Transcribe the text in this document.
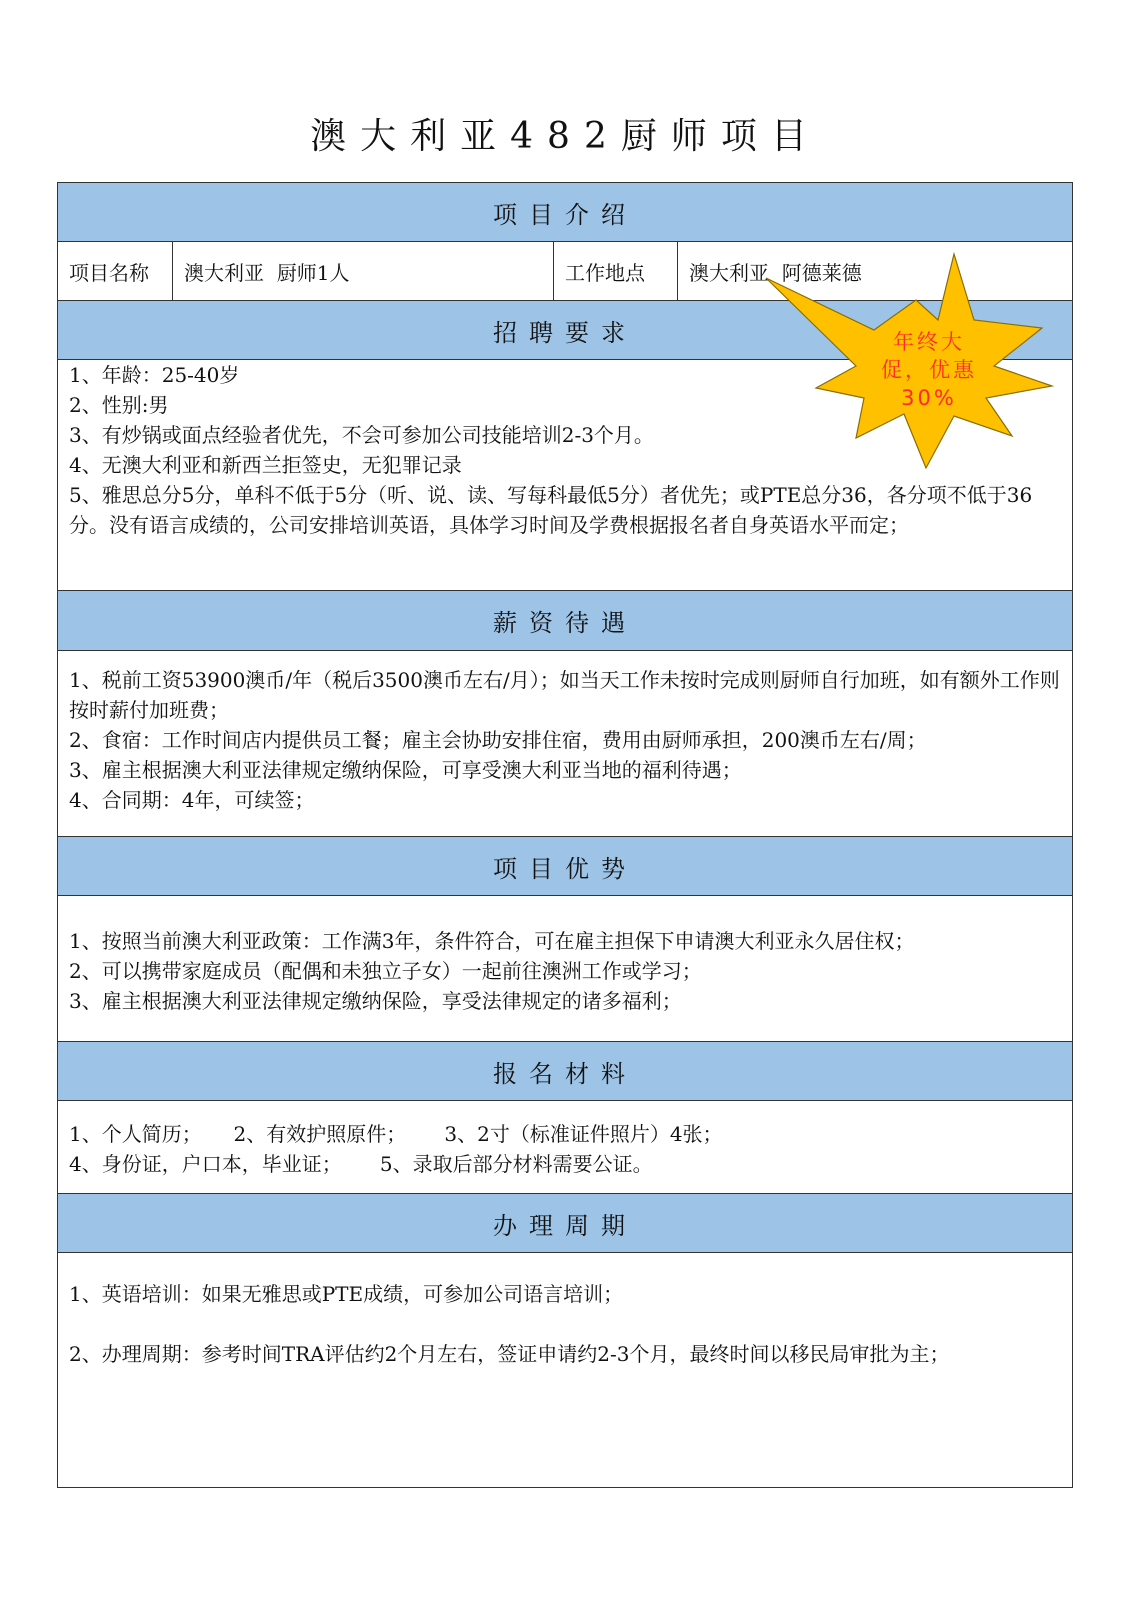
澳大利亚482厨师项目
项目介绍
项目名称	澳大利亚  厨师1人	工作地点	澳大利亚  阿德莱德
招聘要求
1、年龄：25-40岁
2、性别:男
3、有炒锅或面点经验者优先，不会可参加公司技能培训2-3个月。
4、无澳大利亚和新西兰拒签史，无犯罪记录
5、雅思总分5分，单科不低于5分（听、说、读、写每科最低5分）者优先；或PTE总分36，各分项不低于36分。没有语言成绩的，公司安排培训英语，具体学习时间及学费根据报名者自身英语水平而定；
薪资待遇
1、税前工资53900澳币/年（税后3500澳币左右/月）；如当天工作未按时完成则厨师自行加班，如有额外工作则按时薪付加班费；
2、食宿：工作时间店内提供员工餐；雇主会协助安排住宿，费用由厨师承担，200澳币左右/周；
3、雇主根据澳大利亚法律规定缴纳保险，可享受澳大利亚当地的福利待遇；
4、合同期：4年，可续签；
项目优势
1、按照当前澳大利亚政策：工作满3年，条件符合，可在雇主担保下申请澳大利亚永久居住权；
2、可以携带家庭成员（配偶和未独立子女）一起前往澳洲工作或学习；
3、雇主根据澳大利亚法律规定缴纳保险，享受法律规定的诸多福利；
报名材料
1、个人简历；     2、有效护照原件；      3、2寸（标准证件照片）4张；
4、身份证，户口本，毕业证；      5、录取后部分材料需要公证。
办理周期
1、英语培训：如果无雅思或PTE成绩，可参加公司语言培训；
2、办理周期：参考时间TRA评估约2个月左右，签证申请约2-3个月，最终时间以移民局审批为主；
年终大促，优惠30%
